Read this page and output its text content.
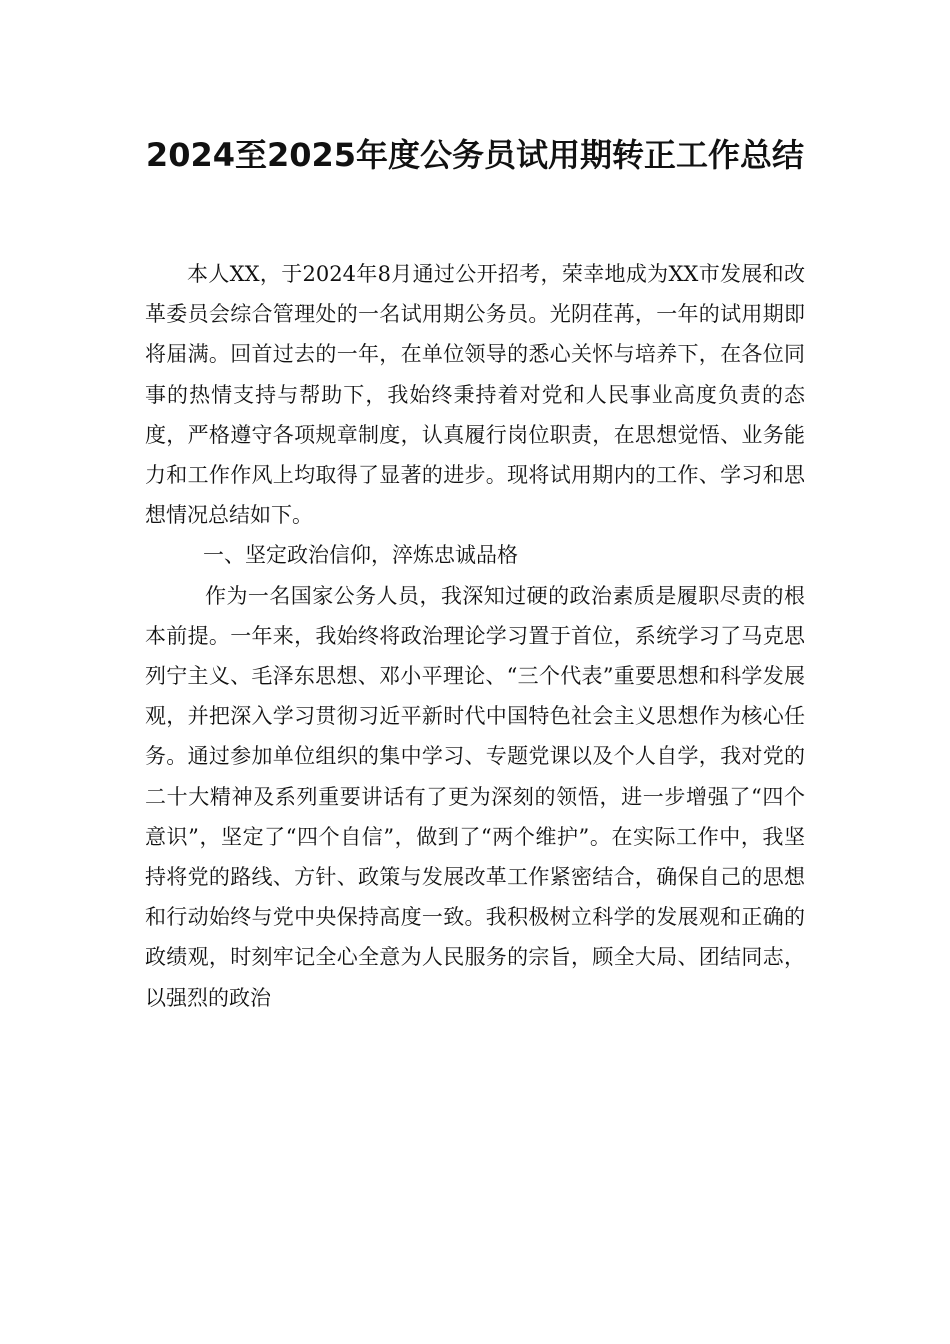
2024至2025年度公务员试用期转正工作总结

本人XX，于2024年8月通过公开招考，荣幸地成为XX市发展和改革委员会综合管理处的一名试用期公务员。光阴荏苒，一年的试用期即将届满。回首过去的一年，在单位领导的悉心关怀与培养下，在各位同事的热情支持与帮助下，我始终秉持着对党和人民事业高度负责的态度，严格遵守各项规章制度，认真履行岗位职责，在思想觉悟、业务能力和工作作风上均取得了显著的进步。现将试用期内的工作、学习和思想情况总结如下。

一、坚定政治信仰，淬炼忠诚品格

作为一名国家公务人员，我深知过硬的政治素质是履职尽责的根本前提。一年来，我始终将政治理论学习置于首位，系统学习了马克思列宁主义、毛泽东思想、邓小平理论、“三个代表”重要思想和科学发展观，并把深入学习贯彻习近平新时代中国特色社会主义思想作为核心任务。通过参加单位组织的集中学习、专题党课以及个人自学，我对党的二十大精神及系列重要讲话有了更为深刻的领悟，进一步增强了“四个意识”，坚定了“四个自信”，做到了“两个维护”。在实际工作中，我坚持将党的路线、方针、政策与发展改革工作紧密结合，确保自己的思想和行动始终与党中央保持高度一致。我积极树立科学的发展观和正确的政绩观，时刻牢记全心全意为人民服务的宗旨，顾全大局、团结同志，以强烈的政治
